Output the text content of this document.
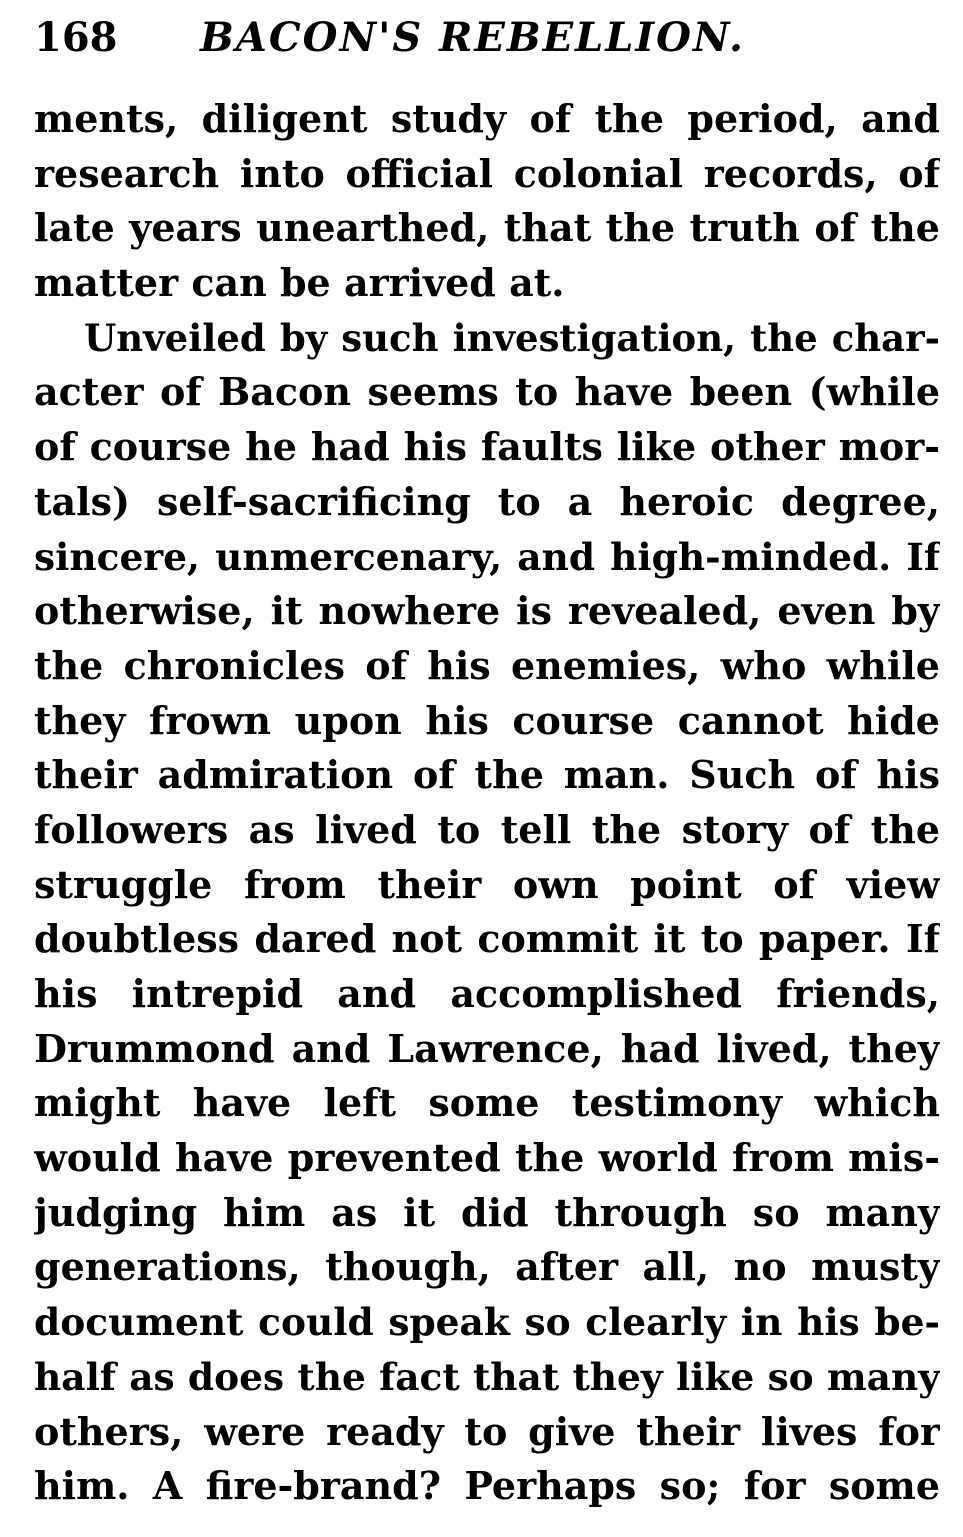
168 BACON'S REBELLION.
ments, diligent study of the period, and
research into official colonial records, of
late years unearthed, that the truth of the
matter can be arrived at.
Unveiled by such investigation, the char-
acter of Bacon seems to have been (while
of course he had his faults like other mor-
tals) self-sacrificing to a heroic degree,
sincere, unmercenary, and high-minded. If
otherwise, it nowhere is revealed, even by
the chronicles of his enemies, who while
they frown upon his course cannot hide
their admiration of the man. Such of his
followers as lived to tell the story of the
struggle from their own point of view
doubtless dared not commit it to paper. If
his intrepid and accomplished friends,
Drummond and Lawrence, had lived, they
might have left some testimony which
would have prevented the world from mis-
judging him as it did through so many
generations, though, after all, no musty
document could speak so clearly in his be-
half as does the fact that they like so many
others, were ready to give their lives for
him. A fire-brand? Perhaps so; for some
